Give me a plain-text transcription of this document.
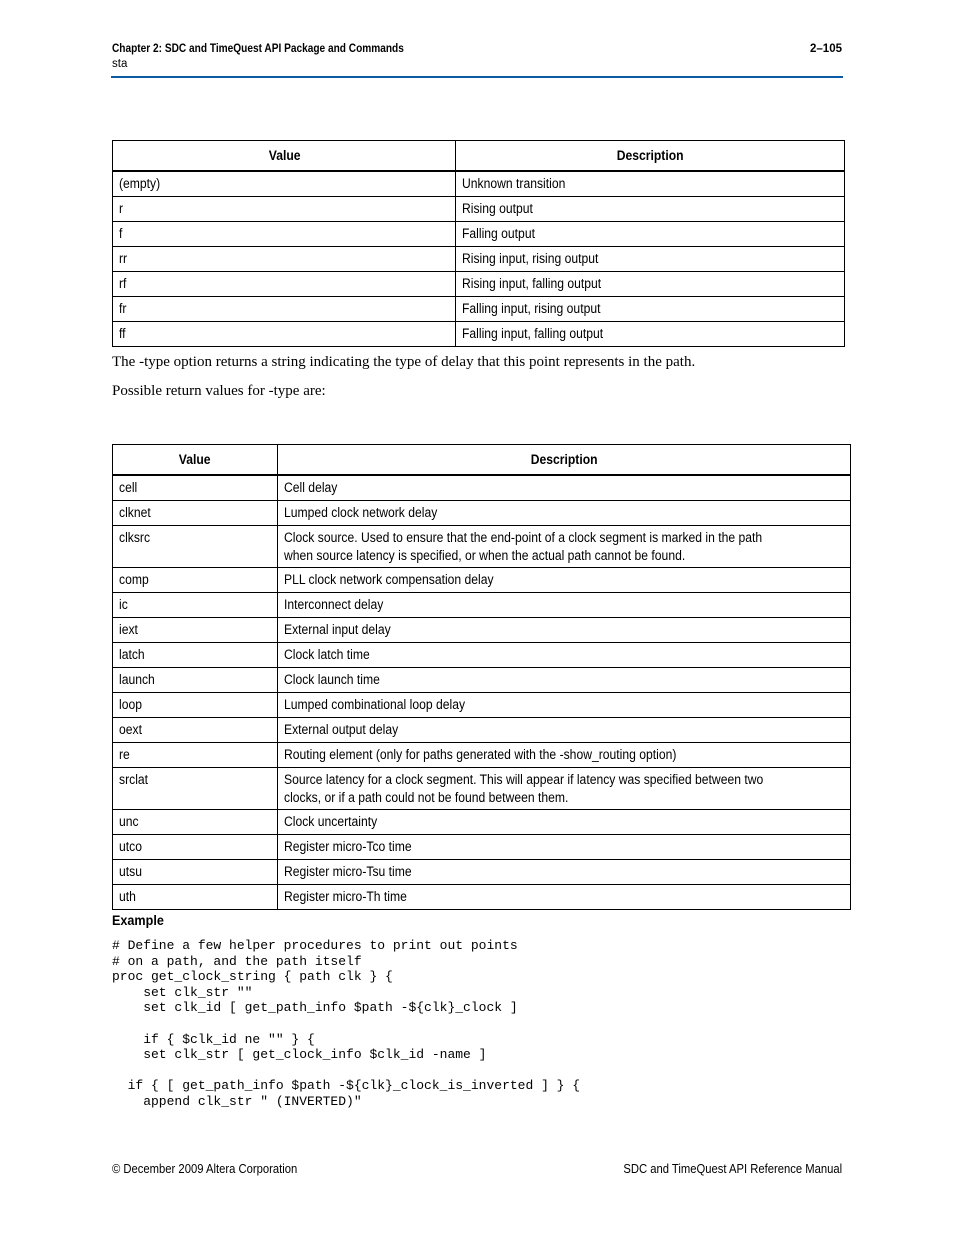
Chapter 2: SDC and TimeQuest API Package and Commands	2–105
sta
Value	Description
(empty)	Unknown transition
r	Rising output
f	Falling output
rr	Rising input, rising output
rf	Rising input, falling output
fr	Falling input, rising output
ff	Falling input, falling output
The -type option returns a string indicating the type of delay that this point represents in the path.
Possible return values for -type are:
Value	Description
cell	Cell delay
clknet	Lumped clock network delay
clksrc	Clock source. Used to ensure that the end-point of a clock segment is marked in the path when source latency is specified, or when the actual path cannot be found.
comp	PLL clock network compensation delay
ic	Interconnect delay
iext	External input delay
latch	Clock latch time
launch	Clock launch time
loop	Lumped combinational loop delay
oext	External output delay
re	Routing element (only for paths generated with the -show_routing option)
srclat	Source latency for a clock segment. This will appear if latency was specified between two clocks, or if a path could not be found between them.
unc	Clock uncertainty
utco	Register micro-Tco time
utsu	Register micro-Tsu time
uth	Register micro-Th time
Example
# Define a few helper procedures to print out points
# on a path, and the path itself
proc get_clock_string { path clk } {
set clk_str ""
set clk_id [ get_path_info $path -${clk}_clock ]

if { $clk_id ne "" } {
set clk_str [ get_clock_info $clk_id -name ]

if { [ get_path_info $path -${clk}_clock_is_inverted ] } {
append clk_str " (INVERTED)"
© December 2009 Altera Corporation	SDC and TimeQuest API Reference Manual
